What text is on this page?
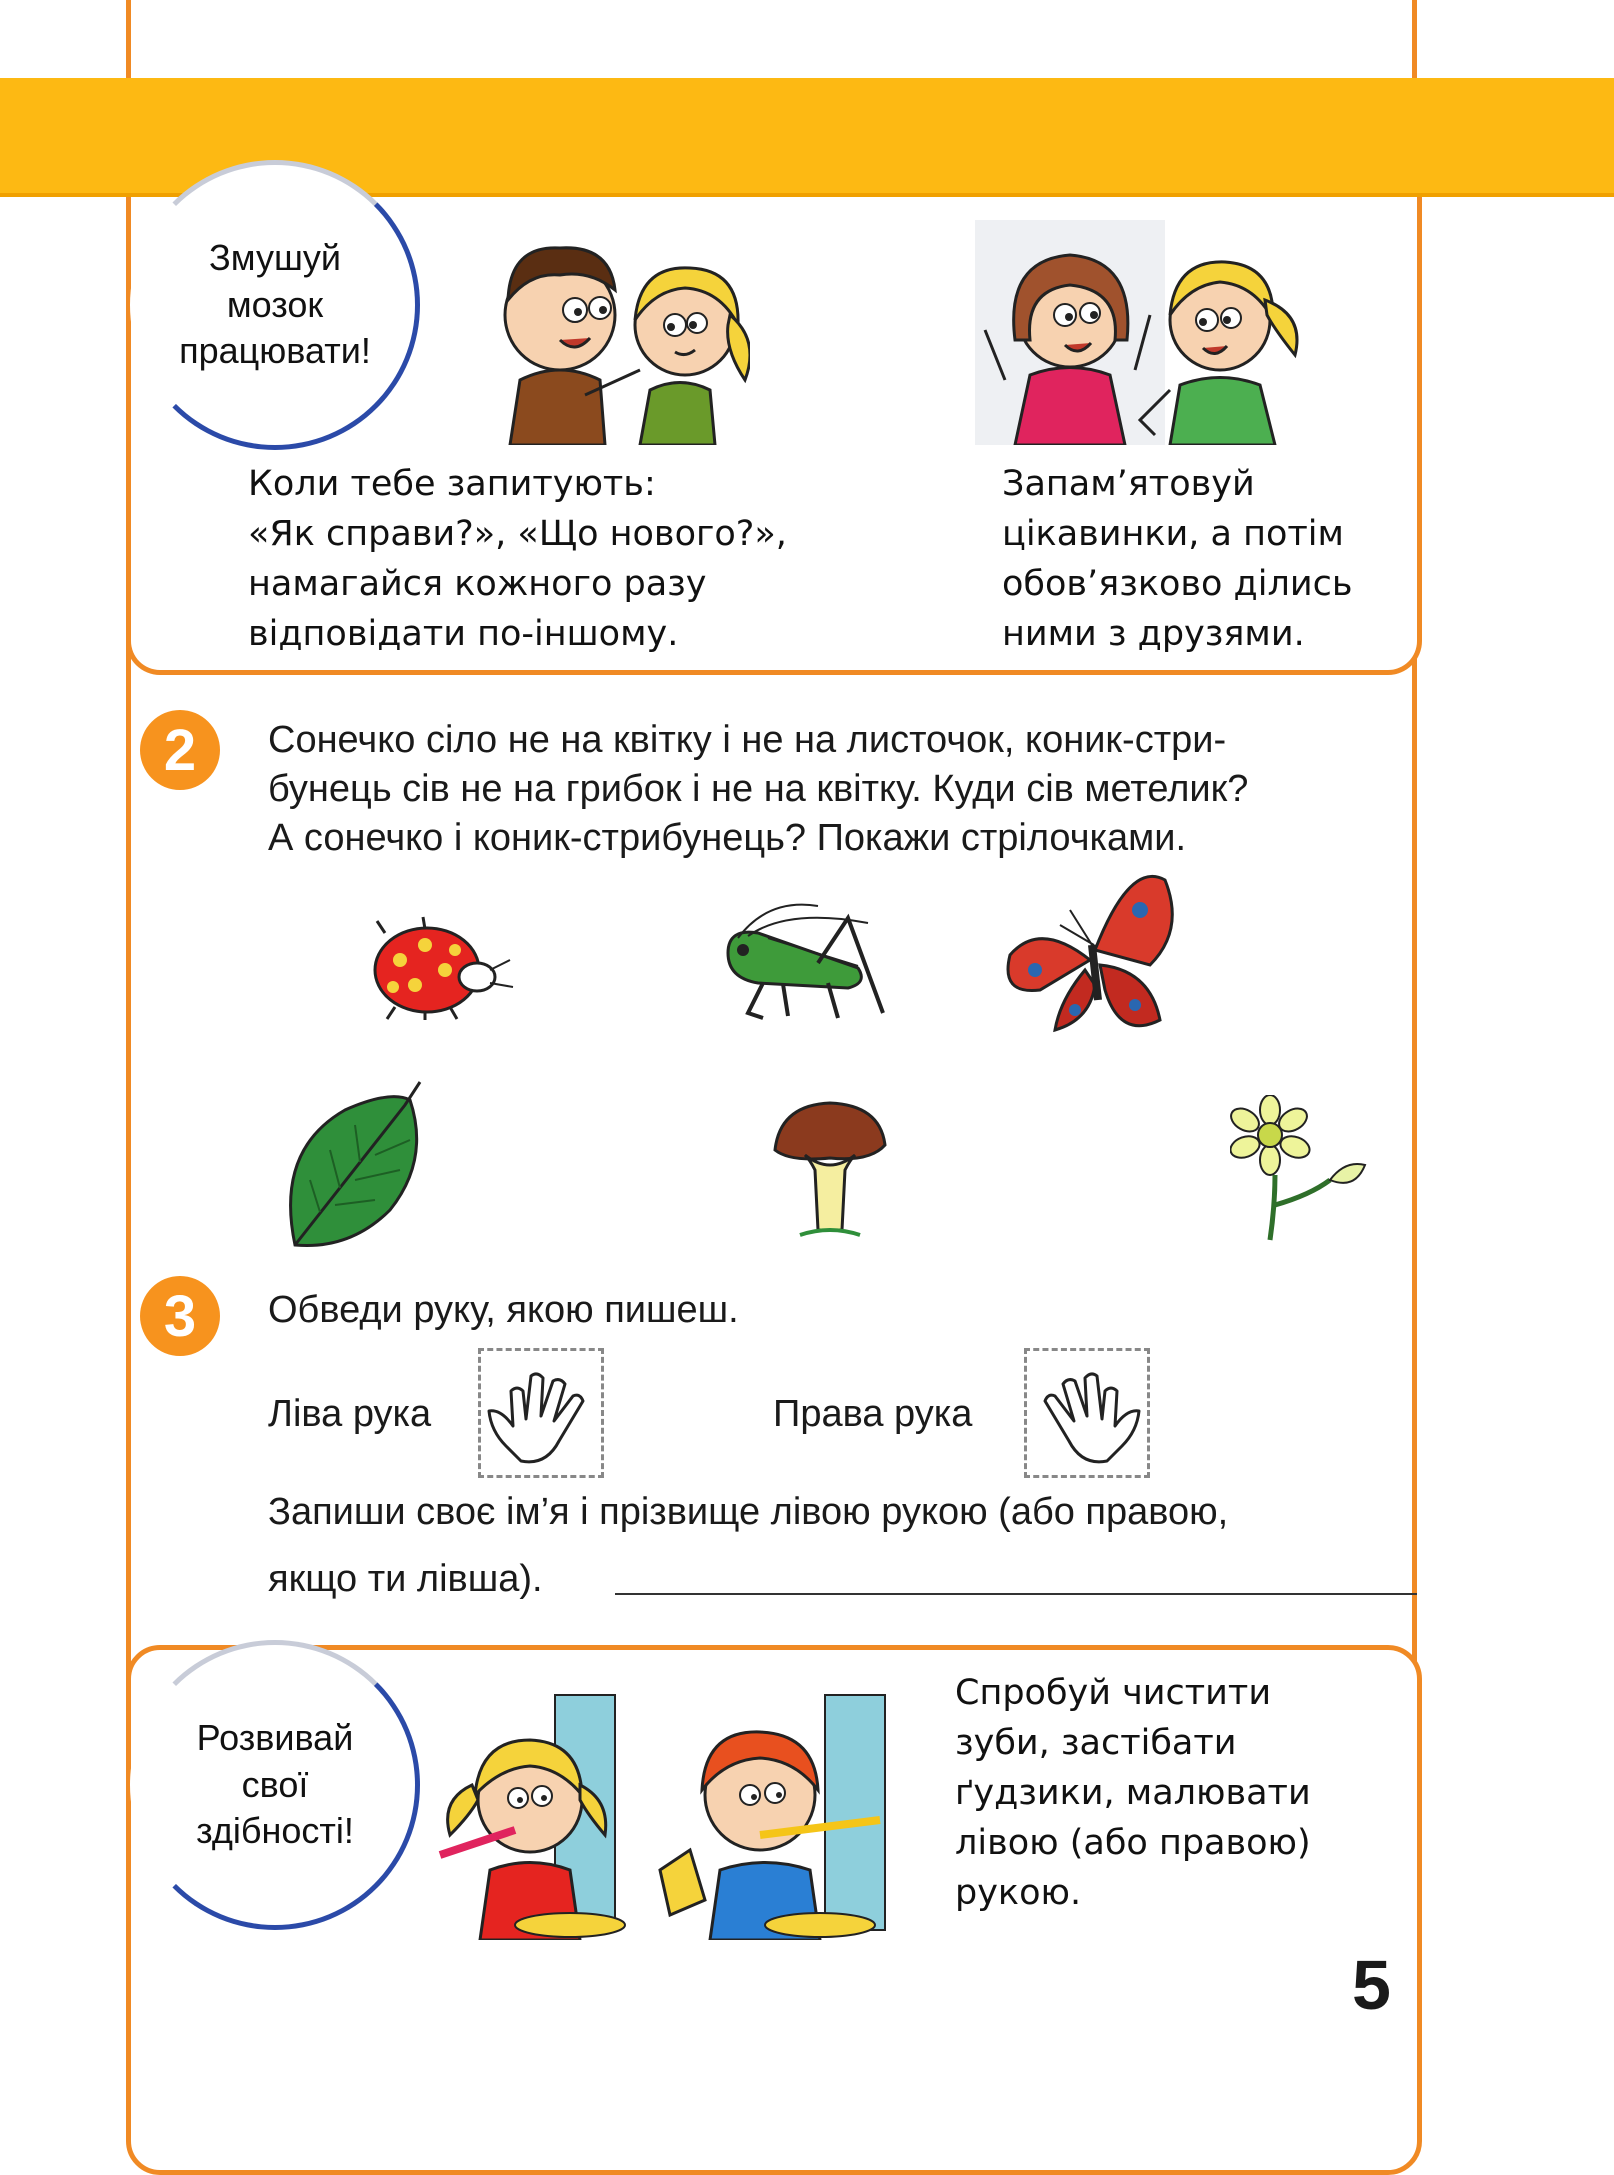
Змушуй
мозок
працювати!
Коли тебе запитують:
«Як справи?», «Що нового?»,
намагайся кожного разу
відповідати по-іншому.
Запам’ятовуй
цікавинки, а потім
обов’язково ділись
ними з друзями.
2	Сонечко сіло не на квітку і не на листочок, коник-стри-
бунець сів не на грибок і не на квітку. Куди сів метелик?
А сонечко і коник-стрибунець? Покажи стрілочками.
3	Обведи руку, якою пишеш.
Ліва рука	Права рука
Запиши своє ім’я і прізвище лівою рукою (або правою,
якщо ти лівша).
Розвивай
свої
здібності!
Спробуй чистити
зуби, застібати
ґудзики, малювати
лівою (або правою)
рукою.
5
